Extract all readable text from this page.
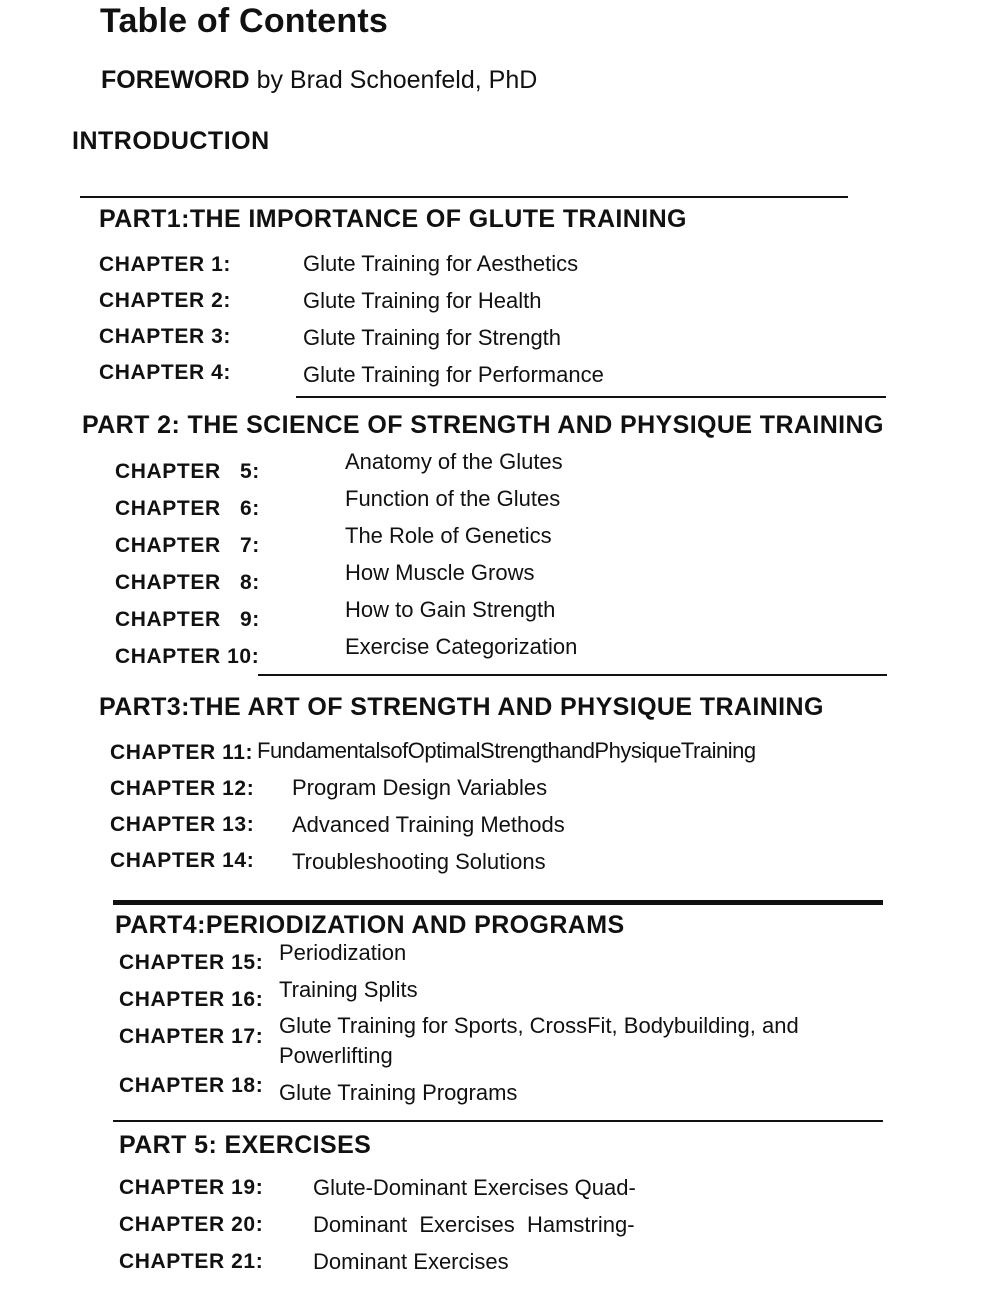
Table of Contents
FOREWORD by Brad Schoenfeld, PhD
INTRODUCTION
PART1:THE IMPORTANCE OF GLUTE TRAINING
CHAPTER 1:	Glute Training for Aesthetics
CHAPTER 2:	Glute Training for Health
CHAPTER 3:	Glute Training for Strength
CHAPTER 4:	Glute Training for Performance
PART 2: THE SCIENCE OF STRENGTH AND PHYSIQUE TRAINING
CHAPTER   5:	Anatomy of the Glutes
CHAPTER   6:	Function of the Glutes
CHAPTER   7:	The Role of Genetics
CHAPTER   8:	How Muscle Grows
CHAPTER   9:	How to Gain Strength
CHAPTER 10:	Exercise Categorization
PART3:THE ART OF STRENGTH AND PHYSIQUE TRAINING
CHAPTER 11: FundamentalsofOptimalStrengthandPhysiqueTraining
CHAPTER 12: Program Design Variables
CHAPTER 13: Advanced Training Methods
CHAPTER 14: Troubleshooting Solutions
PART4:PERIODIZATION AND PROGRAMS
CHAPTER 15: Periodization
CHAPTER 16: Training Splits
CHAPTER 17: Glute Training for Sports, CrossFit, Bodybuilding, and
Powerlifting
CHAPTER 18: Glute Training Programs
PART 5: EXERCISES
CHAPTER 19: Glute-Dominant Exercises Quad-
CHAPTER 20: Dominant  Exercises  Hamstring-
CHAPTER 21: Dominant Exercises
